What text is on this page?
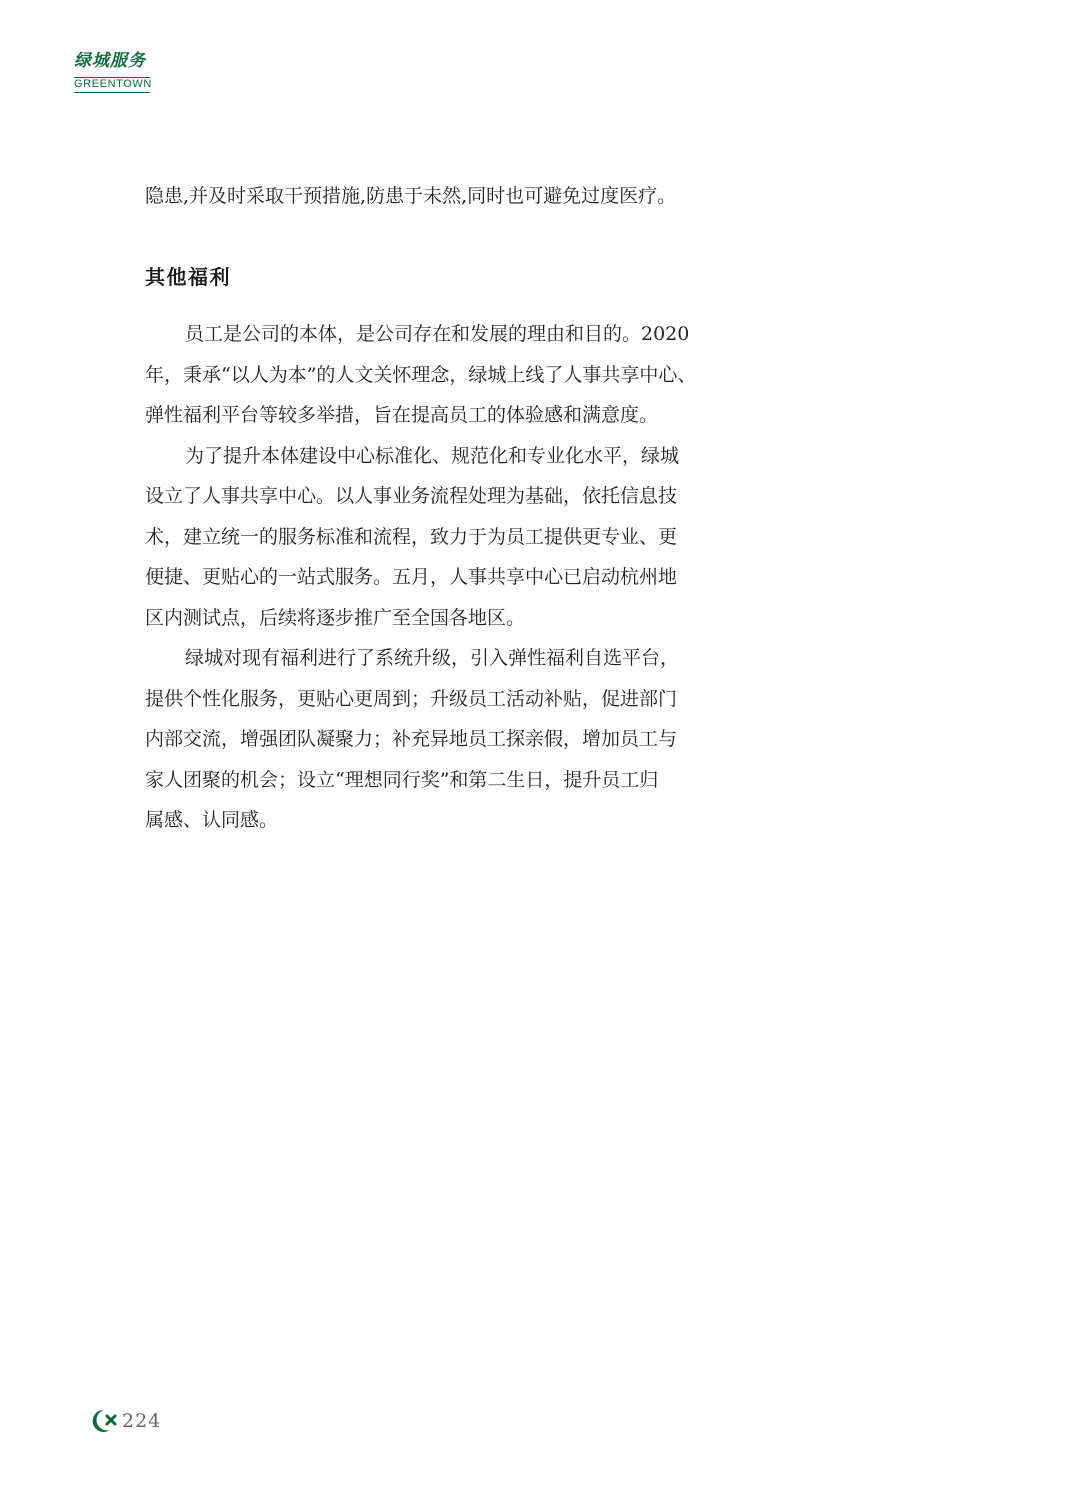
绿城服务
GREENTOWN

隐患,并及时采取干预措施,防患于未然,同时也可避免过度医疗。

其他福利

员工是公司的本体，是公司存在和发展的理由和目的。2020
年，秉承“以人为本”的人文关怀理念，绿城上线了人事共享中心、
弹性福利平台等较多举措，旨在提高员工的体验感和满意度。

为了提升本体建设中心标准化、规范化和专业化水平，绿城
设立了人事共享中心。以人事业务流程处理为基础，依托信息技
术，建立统一的服务标准和流程，致力于为员工提供更专业、更
便捷、更贴心的一站式服务。五月，人事共享中心已启动杭州地
区内测试点，后续将逐步推广至全国各地区。

绿城对现有福利进行了系统升级，引入弹性福利自选平台，
提供个性化服务，更贴心更周到；升级员工活动补贴，促进部门
内部交流，增强团队凝聚力；补充异地员工探亲假，增加员工与
家人团聚的机会；设立“理想同行奖”和第二生日，提升员工归
属感、认同感。

224
